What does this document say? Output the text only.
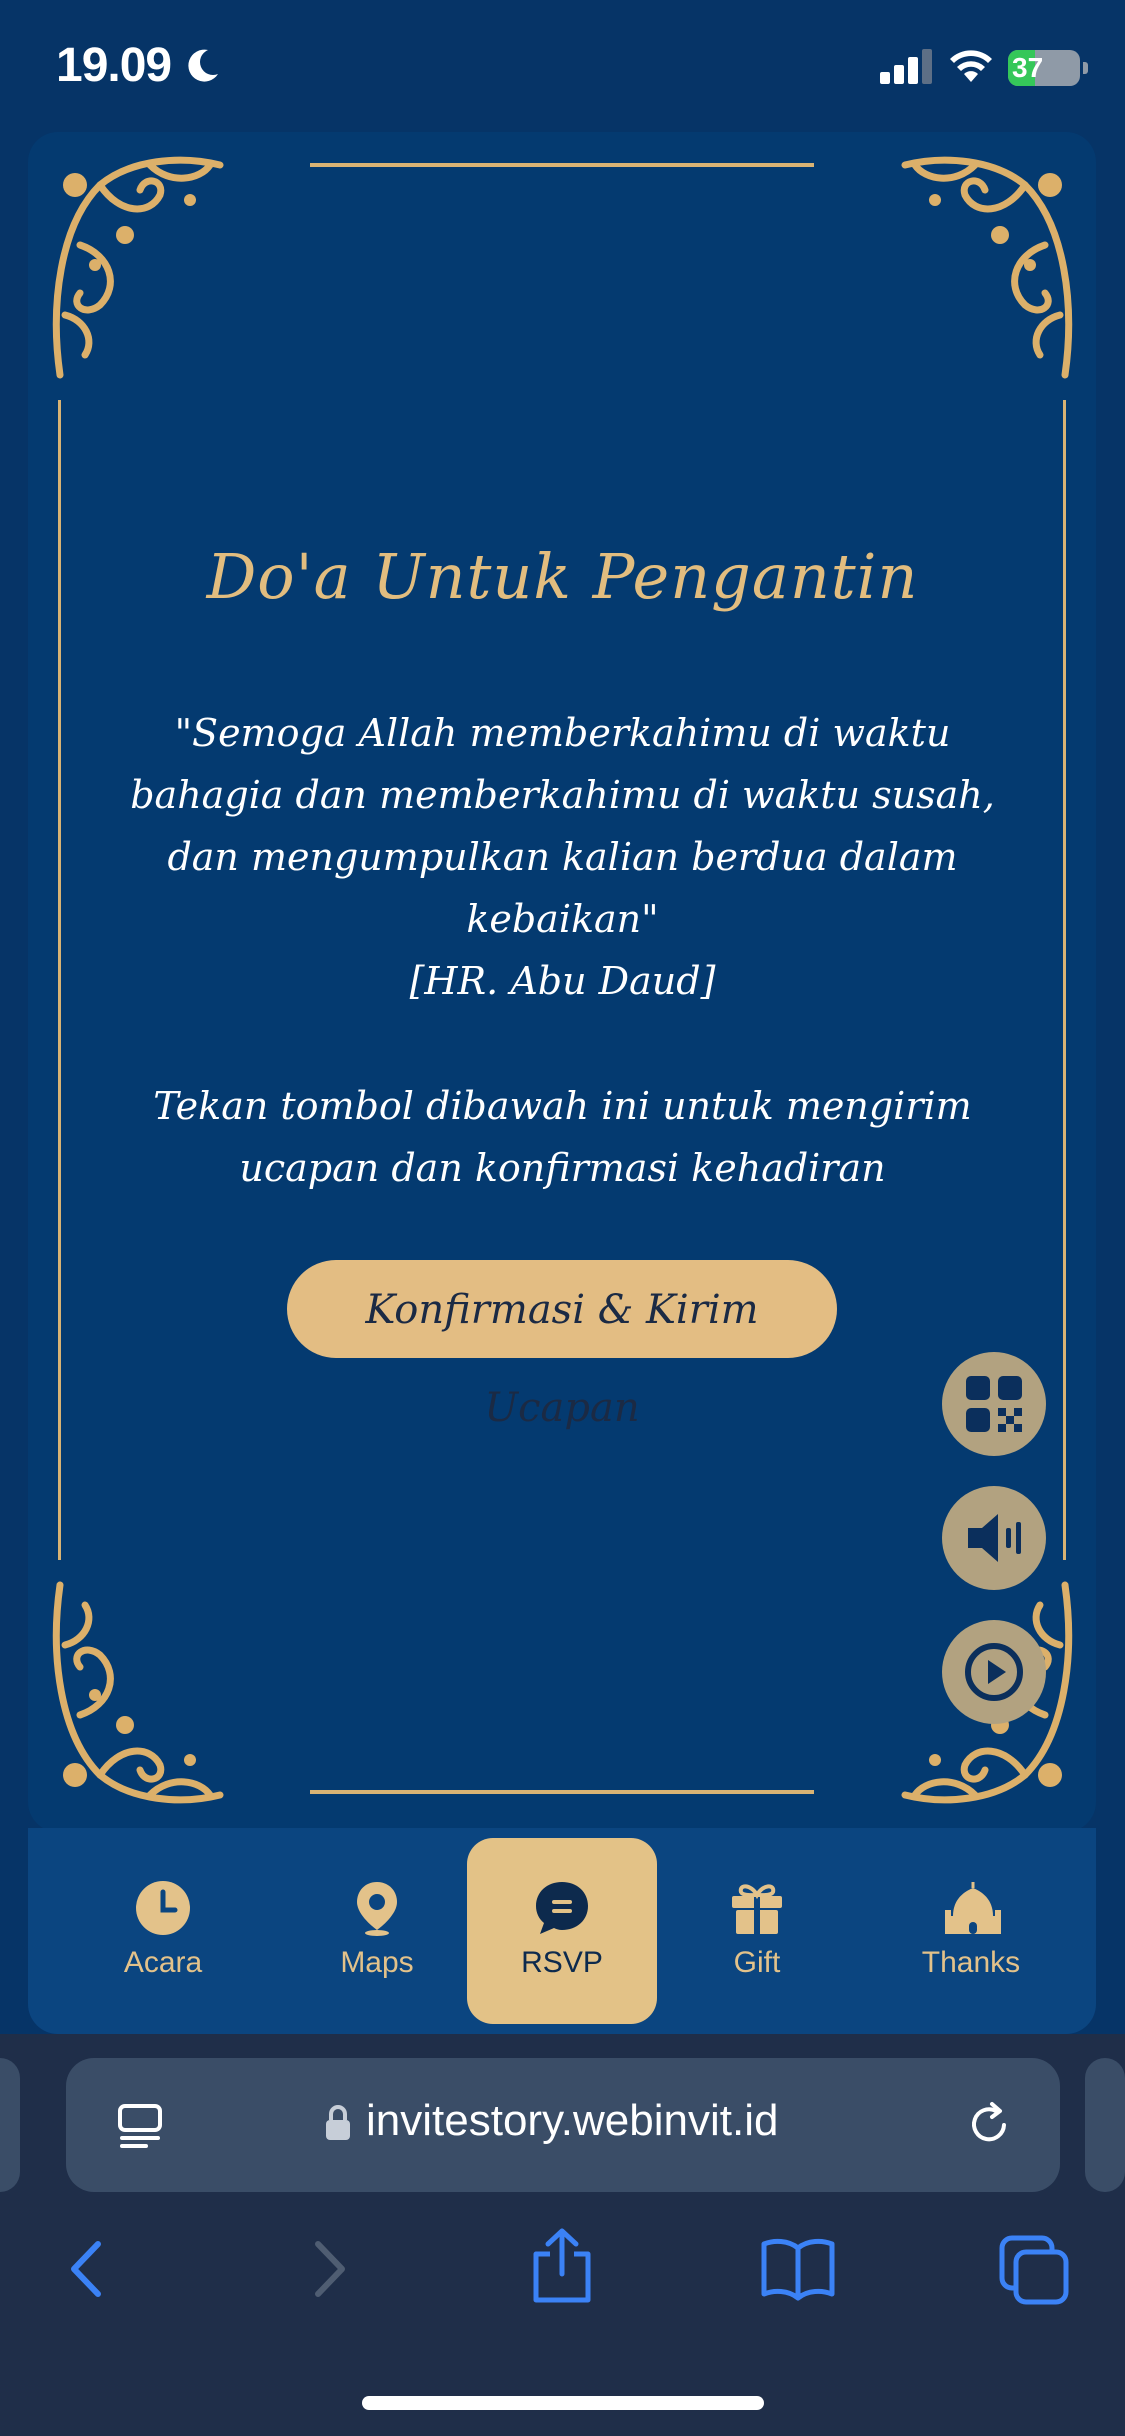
19.09	37
Do'a Untuk Pengantin
"Semoga Allah memberkahimu di waktu bahagia dan memberkahimu di waktu susah, dan mengumpulkan kalian berdua dalam kebaikan"
[HR. Abu Daud]
Tekan tombol dibawah ini untuk mengirim ucapan dan konfirmasi kehadiran
Konfirmasi & Kirim Ucapan
Acara	Maps	RSVP	Gift	Thanks
invitestory.webinvit.id
